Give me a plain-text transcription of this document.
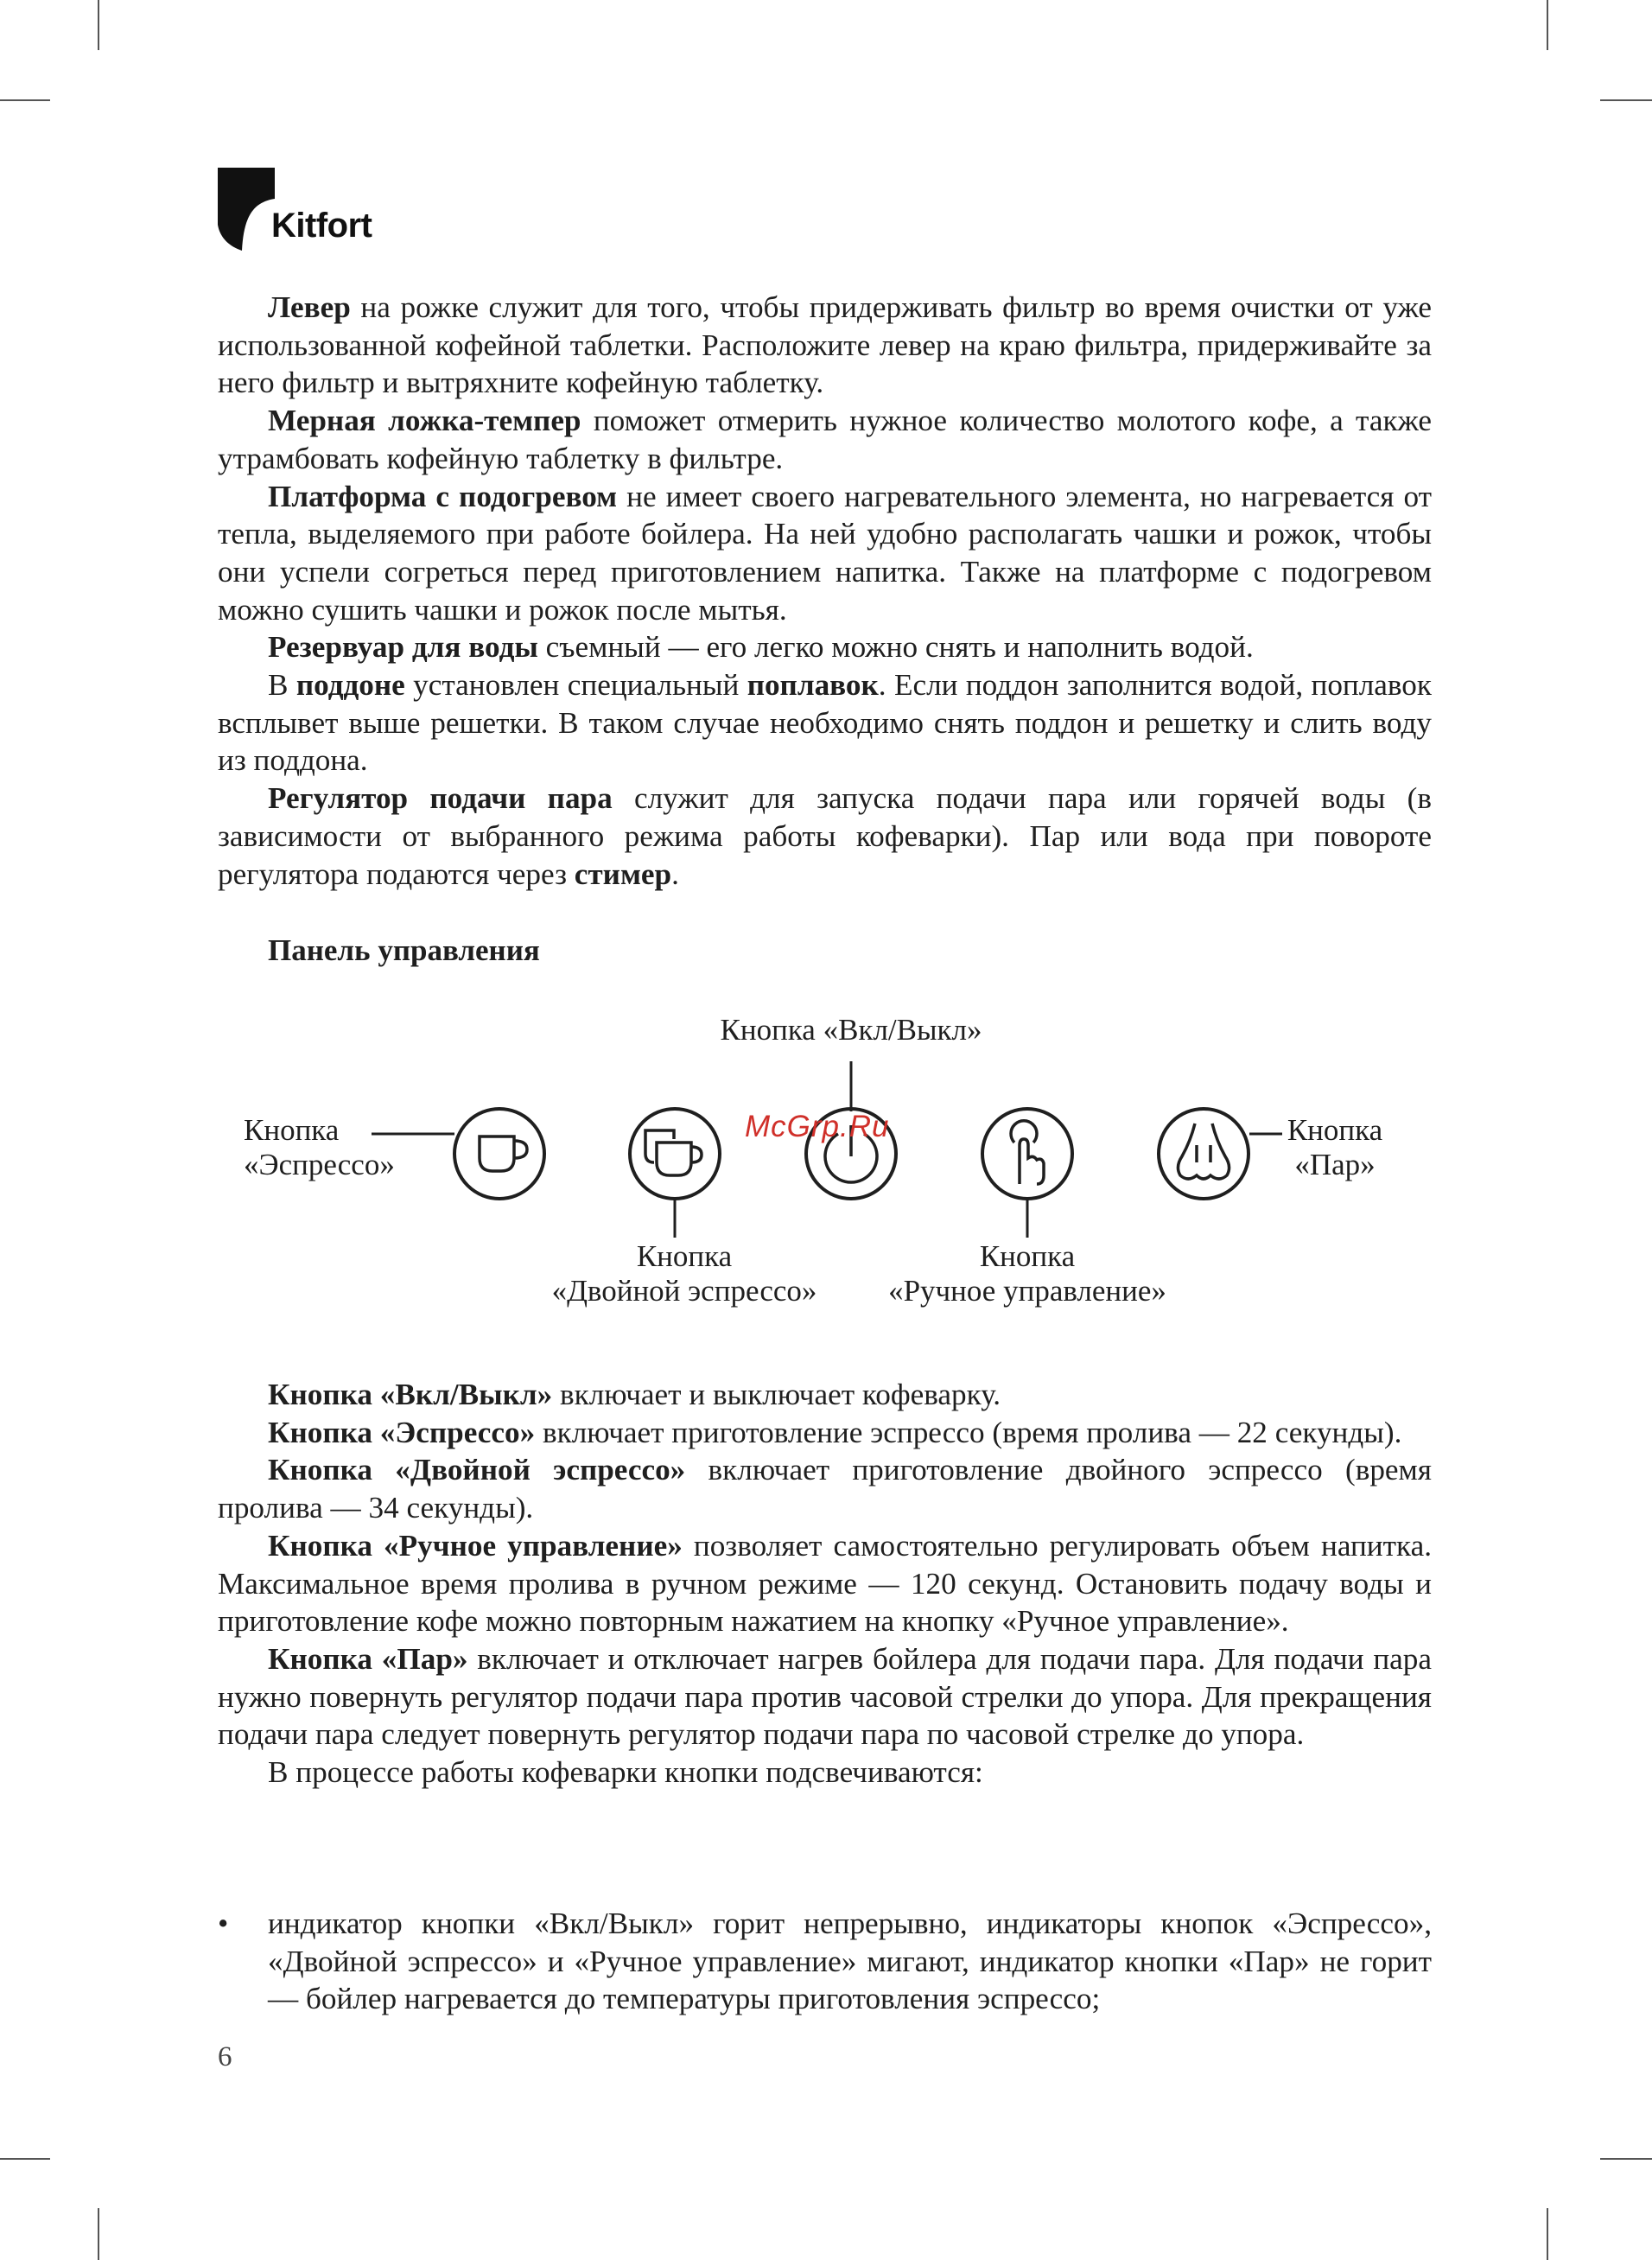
Kitfort

Левер на рожке служит для того, чтобы придерживать фильтр во время очистки от уже использованной кофейной таблетки. Расположите левер на краю фильтра, придерживайте за него фильтр и вытряхните кофейную таблетку.

Мерная ложка-темпер поможет отмерить нужное количество молотого кофе, а также утрамбовать кофейную таблетку в фильтре.

Платформа с подогревом не имеет своего нагревательного элемента, но нагревается от тепла, выделяемого при работе бойлера. На ней удобно располагать чашки и рожок, чтобы они успели согреться перед приготовлением напитка. Также на платформе с подогревом можно сушить чашки и рожок после мытья.

Резервуар для воды съемный — его легко можно снять и наполнить водой.

В поддоне установлен специальный поплавок. Если поддон заполнится водой, поплавок всплывет выше решетки. В таком случае необходимо снять поддон и решетку и слить воду из поддона.

Регулятор подачи пара служит для запуска подачи пара или горячей воды (в зависимости от выбранного режима работы кофеварки). Пар или вода при повороте регулятора подаются через стимер.

Панель управления
Кнопка «Вкл/Выкл»
Кнопка
«Эспрессо»
Кнопка
«Двойной эспрессо»
Кнопка
«Ручное управление»
Кнопка
«Пар»
McGrp.Ru

Кнопка «Вкл/Выкл» включает и выключает кофеварку.

Кнопка «Эспрессо» включает приготовление эспрессо (время пролива — 22 секунды).

Кнопка «Двойной эспрессо» включает приготовление двойного эспрессо (время пролива — 34 секунды).

Кнопка «Ручное управление» позволяет самостоятельно регулировать объем напитка. Максимальное время пролива в ручном режиме — 120 секунд. Остановить подачу воды и приготовление кофе можно повторным нажатием на кнопку «Ручное управление».

Кнопка «Пар» включает и отключает нагрев бойлера для подачи пара. Для подачи пара нужно повернуть регулятор подачи пара против часовой стрелки до упора. Для прекращения подачи пара следует повернуть регулятор подачи пара по часовой стрелке до упора.

В процессе работы кофеварки кнопки подсвечиваются:

• индикатор кнопки «Вкл/Выкл» горит непрерывно, индикаторы кнопок «Эспрессо», «Двойной эспрессо» и «Ручное управление» мигают, индикатор кнопки «Пар» не горит — бойлер нагревается до температуры приготовления эспрессо;
6
